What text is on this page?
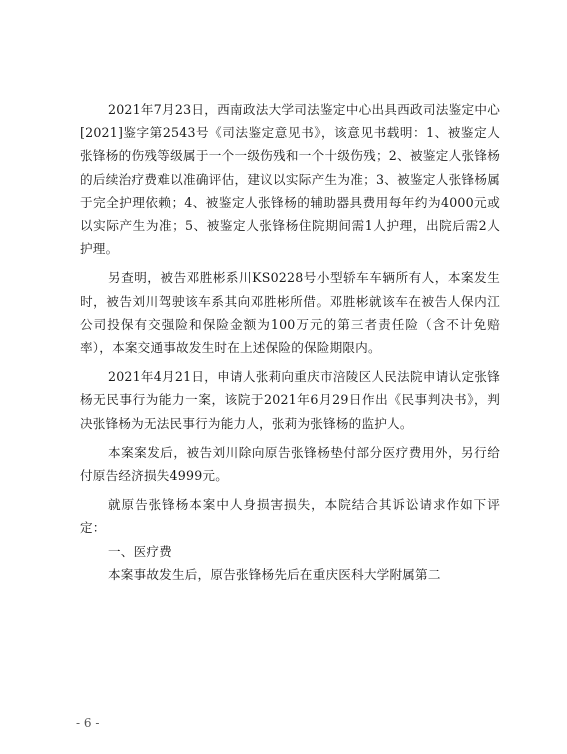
2021年7月23日，西南政法大学司法鉴定中心出具西政司法鉴定中心[2021]鉴字第2543号《司法鉴定意见书》，该意见书载明：1、被鉴定人张锋杨的伤残等级属于一个一级伤残和一个十级伤残；2、被鉴定人张锋杨的后续治疗费难以准确评估，建议以实际产生为准；3、被鉴定人张锋杨属于完全护理依赖；4、被鉴定人张锋杨的辅助器具费用每年约为4000元或以实际产生为准；5、被鉴定人张锋杨住院期间需1人护理，出院后需2人护理。

另查明，被告邓胜彬系川KS0228号小型轿车车辆所有人，本案发生时，被告刘川驾驶该车系其向邓胜彬所借。邓胜彬就该车在被告人保内江公司投保有交强险和保险金额为100万元的第三者责任险（含不计免赔率），本案交通事故发生时在上述保险的保险期限内。

2021年4月21日，申请人张莉向重庆市涪陵区人民法院申请认定张锋杨无民事行为能力一案，该院于2021年6月29日作出《民事判决书》，判决张锋杨为无法民事行为能力人，张莉为张锋杨的监护人。

本案案发后，被告刘川除向原告张锋杨垫付部分医疗费用外，另行给付原告经济损失4999元。

就原告张锋杨本案中人身损害损失，本院结合其诉讼请求作如下评定：

一、医疗费

本案事故发生后，原告张锋杨先后在重庆医科大学附属第二

- 6 -
